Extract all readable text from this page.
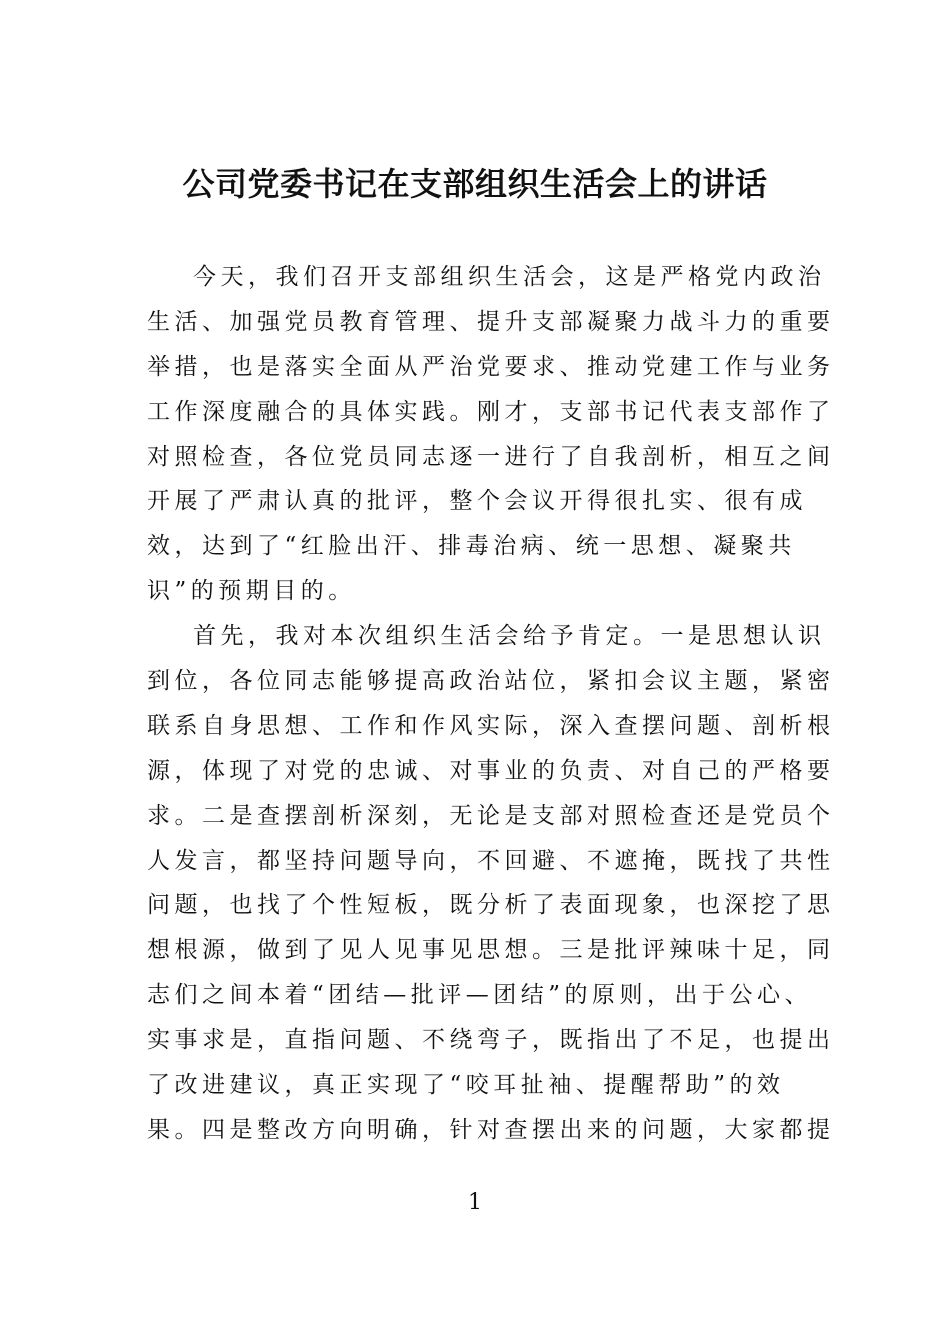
公司党委书记在支部组织生活会上的讲话
今天，我们召开支部组织生活会，这是严格党内政治
生活、加强党员教育管理、提升支部凝聚力战斗力的重要
举措，也是落实全面从严治党要求、推动党建工作与业务
工作深度融合的具体实践。刚才，支部书记代表支部作了
对照检查，各位党员同志逐一进行了自我剖析，相互之间
开展了严肃认真的批评，整个会议开得很扎实、很有成
效，达到了“红脸出汗、排毒治病、统一思想、凝聚共
识”的预期目的。
首先，我对本次组织生活会给予肯定。一是思想认识
到位，各位同志能够提高政治站位，紧扣会议主题，紧密
联系自身思想、工作和作风实际，深入查摆问题、剖析根
源，体现了对党的忠诚、对事业的负责、对自己的严格要
求。二是查摆剖析深刻，无论是支部对照检查还是党员个
人发言，都坚持问题导向，不回避、不遮掩，既找了共性
问题，也找了个性短板，既分析了表面现象，也深挖了思
想根源，做到了见人见事见思想。三是批评辣味十足，同
志们之间本着“团结—批评—团结”的原则，出于公心、
实事求是，直指问题、不绕弯子，既指出了不足，也提出
了改进建议，真正实现了“咬耳扯袖、提醒帮助”的效
果。四是整改方向明确，针对查摆出来的问题，大家都提
1
